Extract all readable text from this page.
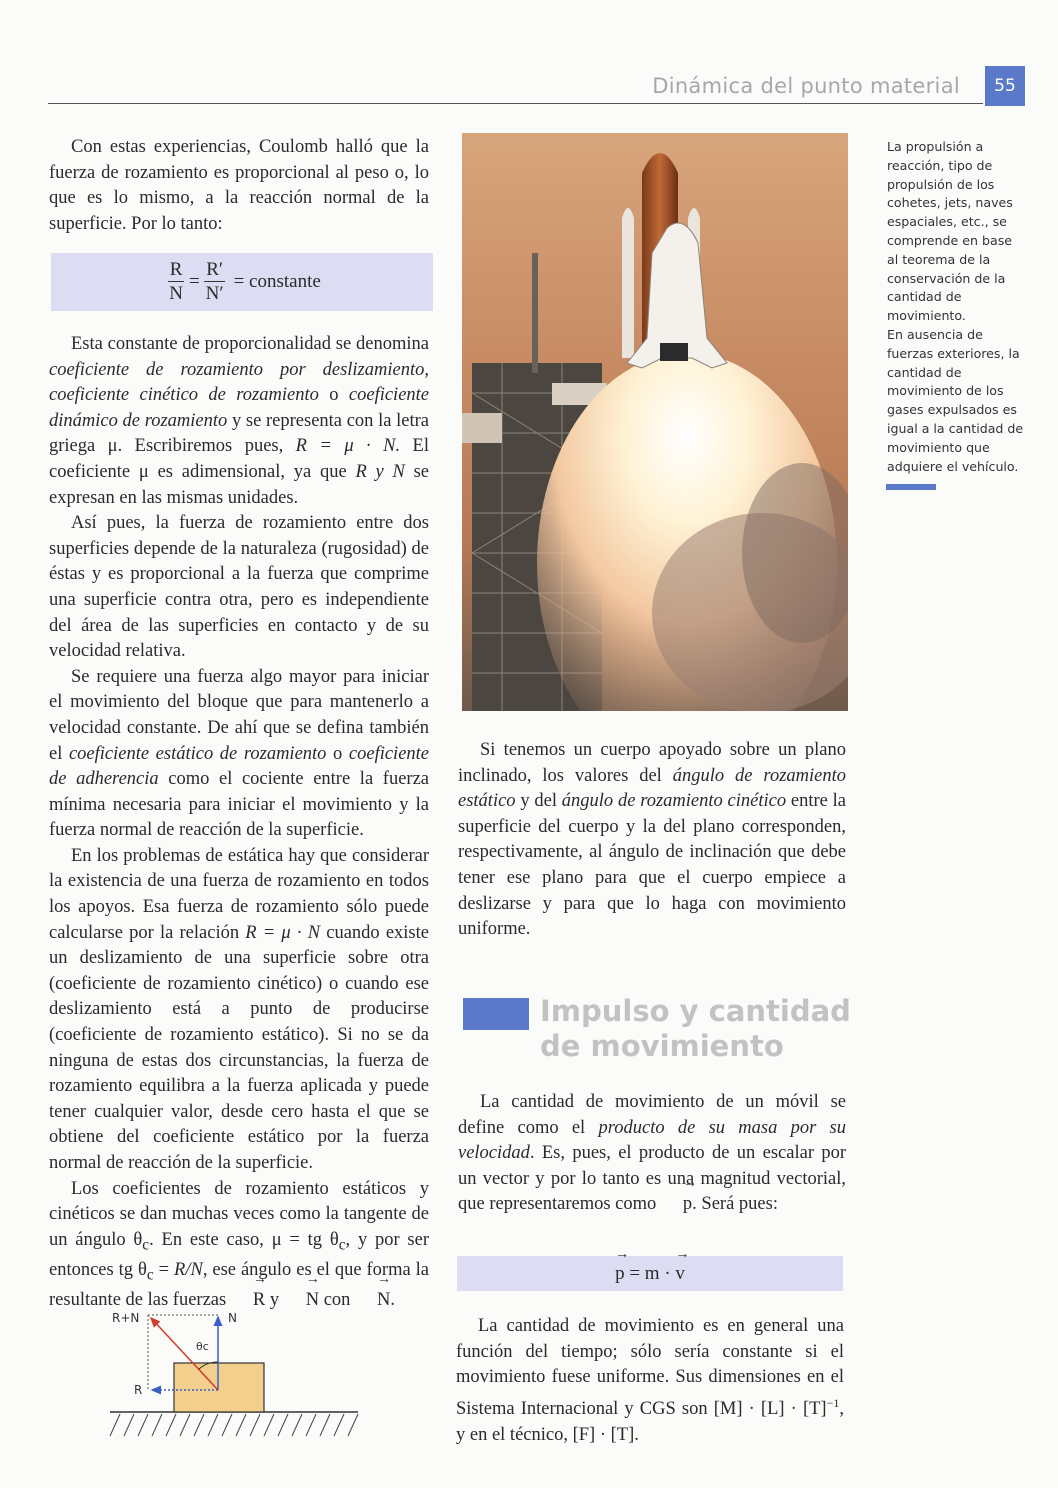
Dinámica del punto material	55

Con estas experiencias, Coulomb halló que la fuerza de rozamiento es proporcional al peso o, lo que es lo mismo, a la reacción normal de la superficie. Por lo tanto:

$\frac{R}{N} = \frac{R'}{N'}$ = constante

Esta constante de proporcionalidad se denomina coeficiente de rozamiento por deslizamiento, coeficiente cinético de rozamiento o coeficiente dinámico de rozamiento y se representa con la letra griega μ. Escribiremos pues, R = μ · N. El coeficiente μ es adimensional, ya que R y N se expresan en las mismas unidades.

Así pues, la fuerza de rozamiento entre dos superficies depende de la naturaleza (rugosidad) de éstas y es proporcional a la fuerza que comprime una superficie contra otra, pero es independiente del área de las superficies en contacto y de su velocidad relativa.

Se requiere una fuerza algo mayor para iniciar el movimiento del bloque que para mantenerlo a velocidad constante. De ahí que se defina también el coeficiente estático de rozamiento o coeficiente de adherencia como el cociente entre la fuerza mínima necesaria para iniciar el movimiento y la fuerza normal de reacción de la superficie.

En los problemas de estática hay que considerar la existencia de una fuerza de rozamiento en todos los apoyos. Esa fuerza de rozamiento sólo puede calcularse por la relación R = μ · N cuando existe un deslizamiento de una superficie sobre otra (coeficiente de rozamiento cinético) o cuando ese deslizamiento está a punto de producirse (coeficiente de rozamiento estático). Si no se da ninguna de estas dos circunstancias, la fuerza de rozamiento equilibra a la fuerza aplicada y puede tener cualquier valor, desde cero hasta el que se obtiene del coeficiente estático por la fuerza normal de reacción de la superficie.

Los coeficientes de rozamiento estáticos y cinéticos se dan muchas veces como la tangente de un ángulo $\theta_c$. En este caso, μ = tg $\theta_c$, y por ser entonces tg $\theta_c = R/N$, ese ángulo es el que forma la resultante de las fuerzas → R y → N con → N.

R+N	N
R
θc

La propulsión a reacción, tipo de propulsión de los cohetes, jets, naves espaciales, etc., se comprende en base al teorema de la conservación de la cantidad de movimiento.

En ausencia de fuerzas exteriores, la cantidad de movimiento de los gases expulsados es igual a la cantidad de movimiento que adquiere el vehículo.

Si tenemos un cuerpo apoyado sobre un plano inclinado, los valores del ángulo de rozamiento estático y del ángulo de rozamiento cinético entre la superficie del cuerpo y la del plano corresponden, respectivamente, al ángulo de inclinación que debe tener ese plano para que el cuerpo empiece a deslizarse y para que lo haga con movimiento uniforme.

Impulso y cantidad
de movimiento

La cantidad de movimiento de un móvil se define como el producto de su masa por su velocidad. Es, pues, el producto de un escalar por un vector y por lo tanto es una magnitud vectorial, que representaremos como → p. Será pues:

→ p = m · → v

La cantidad de movimiento es en general una función del tiempo; sólo sería constante si el movimiento fuese uniforme. Sus dimensiones en el Sistema Internacional y CGS son $[M] \cdot [L] \cdot [T]^{-1}$, y en el técnico, [F] · [T].
